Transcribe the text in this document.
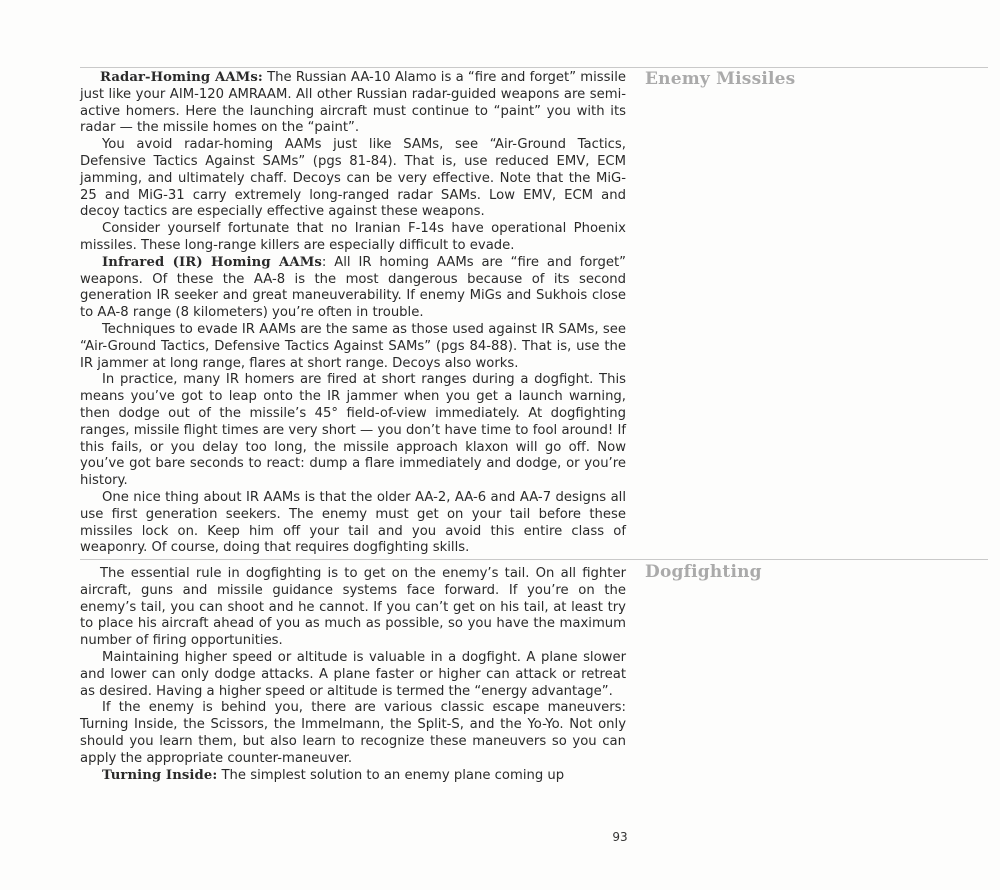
Enemy Missiles

Radar-Homing AAMs: The Russian AA-10 Alamo is a “fire and forget” missile just like your AIM-120 AMRAAM. All other Russian radar-guided weapons are semi-active homers. Here the launching aircraft must continue to “paint” you with its radar — the missile homes on the “paint”.

You avoid radar-homing AAMs just like SAMs, see “Air-Ground Tactics, Defensive Tactics Against SAMs” (pgs 81-84). That is, use reduced EMV, ECM jamming, and ultimately chaff. Decoys can be very effective. Note that the MiG-25 and MiG-31 carry extremely long-ranged radar SAMs. Low EMV, ECM and decoy tactics are especially effective against these weapons.

Consider yourself fortunate that no Iranian F-14s have operational Phoenix missiles. These long-range killers are especially difficult to evade.

Infrared (IR) Homing AAMs: All IR homing AAMs are “fire and forget” weapons. Of these the AA-8 is the most dangerous because of its second generation IR seeker and great maneuverability. If enemy MiGs and Sukhois close to AA-8 range (8 kilometers) you’re often in trouble.

Techniques to evade IR AAMs are the same as those used against IR SAMs, see “Air-Ground Tactics, Defensive Tactics Against SAMs” (pgs 84-88). That is, use the IR jammer at long range, flares at short range. Decoys also works.

In practice, many IR homers are fired at short ranges during a dogfight. This means you’ve got to leap onto the IR jammer when you get a launch warning, then dodge out of the missile’s 45° field-of-view immediately. At dogfighting ranges, missile flight times are very short — you don’t have time to fool around! If this fails, or you delay too long, the missile approach klaxon will go off. Now you’ve got bare seconds to react: dump a flare immediately and dodge, or you’re history.

One nice thing about IR AAMs is that the older AA-2, AA-6 and AA-7 designs all use first generation seekers. The enemy must get on your tail before these missiles lock on. Keep him off your tail and you avoid this entire class of weaponry. Of course, doing that requires dogfighting skills.

Dogfighting

The essential rule in dogfighting is to get on the enemy’s tail. On all fighter aircraft, guns and missile guidance systems face forward. If you’re on the enemy’s tail, you can shoot and he cannot. If you can’t get on his tail, at least try to place his aircraft ahead of you as much as possible, so you have the maximum number of firing opportunities.

Maintaining higher speed or altitude is valuable in a dogfight. A plane slower and lower can only dodge attacks. A plane faster or higher can attack or retreat as desired. Having a higher speed or altitude is termed the “energy advantage”.

If the enemy is behind you, there are various classic escape maneuvers: Turning Inside, the Scissors, the Immelmann, the Split-S, and the Yo-Yo. Not only should you learn them, but also learn to recognize these maneuvers so you can apply the appropriate counter-maneuver.

Turning Inside: The simplest solution to an enemy plane coming up

93
